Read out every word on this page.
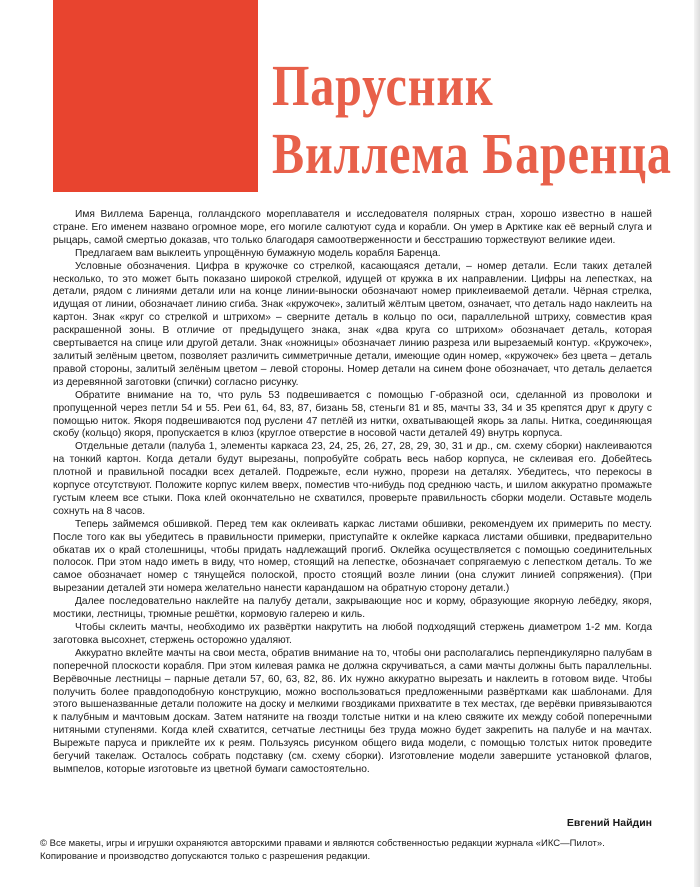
Парусник
Виллема Баренца

Имя Виллема Баренца, голландского мореплавателя и исследователя полярных стран, хорошо известно в нашей стране. Его именем названо огромное море, его могиле салютуют суда и корабли. Он умер в Арктике как её верный слуга и рыцарь, самой смертью доказав, что только благодаря самоотверженности и бесстрашию торжествуют великие идеи.

Предлагаем вам выклеить упрощённую бумажную модель корабля Баренца.

Условные обозначения. Цифра в кружочке со стрелкой, касающаяся детали, – номер детали. Если таких деталей несколько, то это может быть показано широкой стрелкой, идущей от кружка в их направлении. Цифры на лепестках, на детали, рядом с линиями детали или на конце линии-выноски обозначают номер приклеиваемой детали. Чёрная стрелка, идущая от линии, обозначает линию сгиба. Знак «кружочек», залитый жёлтым цветом, означает, что деталь надо наклеить на картон. Знак «круг со стрелкой и штрихом» – сверните деталь в кольцо по оси, параллельной штриху, совместив края раскрашенной зоны. В отличие от предыдущего знака, знак «два круга со штрихом» обозначает деталь, которая свертывается на спице или другой детали. Знак «ножницы» обозначает линию разреза или вырезаемый контур. «Кружочек», залитый зелёным цветом, позволяет различить симметричные детали, имеющие один номер, «кружочек» без цвета – деталь правой стороны, залитый зелёным цветом – левой стороны. Номер детали на синем фоне обозначает, что деталь делается из деревянной заготовки (спички) согласно рисунку.

Обратите внимание на то, что руль 53 подвешивается с помощью Г-образной оси, сделанной из проволоки и пропущенной через петли 54 и 55. Реи 61, 64, 83, 87, бизань 58, стеньги 81 и 85, мачты 33, 34 и 35 крепятся друг к другу с помощью ниток. Якоря подвешиваются под руслени 47 петлёй из нитки, охватывающей якорь за лапы. Нитка, соединяющая скобу (кольцо) якоря, пропускается в клюз (круглое отверстие в носовой части деталей 49) внутрь корпуса.

Отдельные детали (палуба 1, элементы каркаса 23, 24, 25, 26, 27, 28, 29, 30, 31 и др., см. схему сборки) наклеиваются на тонкий картон. Когда детали будут вырезаны, попробуйте собрать весь набор корпуса, не склеивая его. Добейтесь плотной и правильной посадки всех деталей. Подрежьте, если нужно, прорези на деталях. Убедитесь, что перекосы в корпусе отсутствуют. Положите корпус килем вверх, поместив что-нибудь под среднюю часть, и шилом аккуратно промажьте густым клеем все стыки. Пока клей окончательно не схватился, проверьте правильность сборки модели. Оставьте модель сохнуть на 8 часов.

Теперь займемся обшивкой. Перед тем как оклеивать каркас листами обшивки, рекомендуем их примерить по месту. После того как вы убедитесь в правильности примерки, приступайте к оклейке каркаса листами обшивки, предварительно обкатав их о край столешницы, чтобы придать надлежащий прогиб. Оклейка осуществляется с помощью соединительных полосок. При этом надо иметь в виду, что номер, стоящий на лепестке, обозначает сопрягаемую с лепестком деталь. То же самое обозначает номер с тянущейся полоской, просто стоящий возле линии (она служит линией сопряжения). (При вырезании деталей эти номера желательно нанести карандашом на обратную сторону детали.)

Далее последовательно наклейте на палубу детали, закрывающие нос и корму, образующие якорную лебёдку, якоря, мостики, лестницы, трюмные решётки, кормовую галерею и киль.

Чтобы склеить мачты, необходимо их развёртки накрутить на любой подходящий стержень диаметром 1-2 мм. Когда заготовка высохнет, стержень осторожно удаляют.

Аккуратно вклейте мачты на свои места, обратив внимание на то, чтобы они располагались перпендикулярно палубам в поперечной плоскости корабля. При этом килевая рамка не должна скручиваться, а сами мачты должны быть параллельны. Верёвочные лестницы – парные детали 57, 60, 63, 82, 86. Их нужно аккуратно вырезать и наклеить в готовом виде. Чтобы получить более правдоподобную конструкцию, можно воспользоваться предложенными развёртками как шаблонами. Для этого вышеназванные детали положите на доску и мелкими гвоздиками прихватите в тех местах, где верёвки привязываются к палубным и мачтовым доскам. Затем натяните на гвозди толстые нитки и на клею свяжите их между собой поперечными нитяными ступенями. Когда клей схватится, сетчатые лестницы без труда можно будет закрепить на палубе и на мачтах. Вырежьте паруса и приклейте их к реям. Пользуясь рисунком общего вида модели, с помощью толстых ниток проведите бегучий такелаж. Осталось собрать подставку (см. схему сборки). Изготовление модели завершите установкой флагов, вымпелов, которые изготовьте из цветной бумаги самостоятельно.

Евгений Найдин

© Все макеты, игры и игрушки охраняются авторскими правами и являются собственностью редакции журнала «ИКС—Пилот».

Копирование и производство допускаются только с разрешения редакции.
